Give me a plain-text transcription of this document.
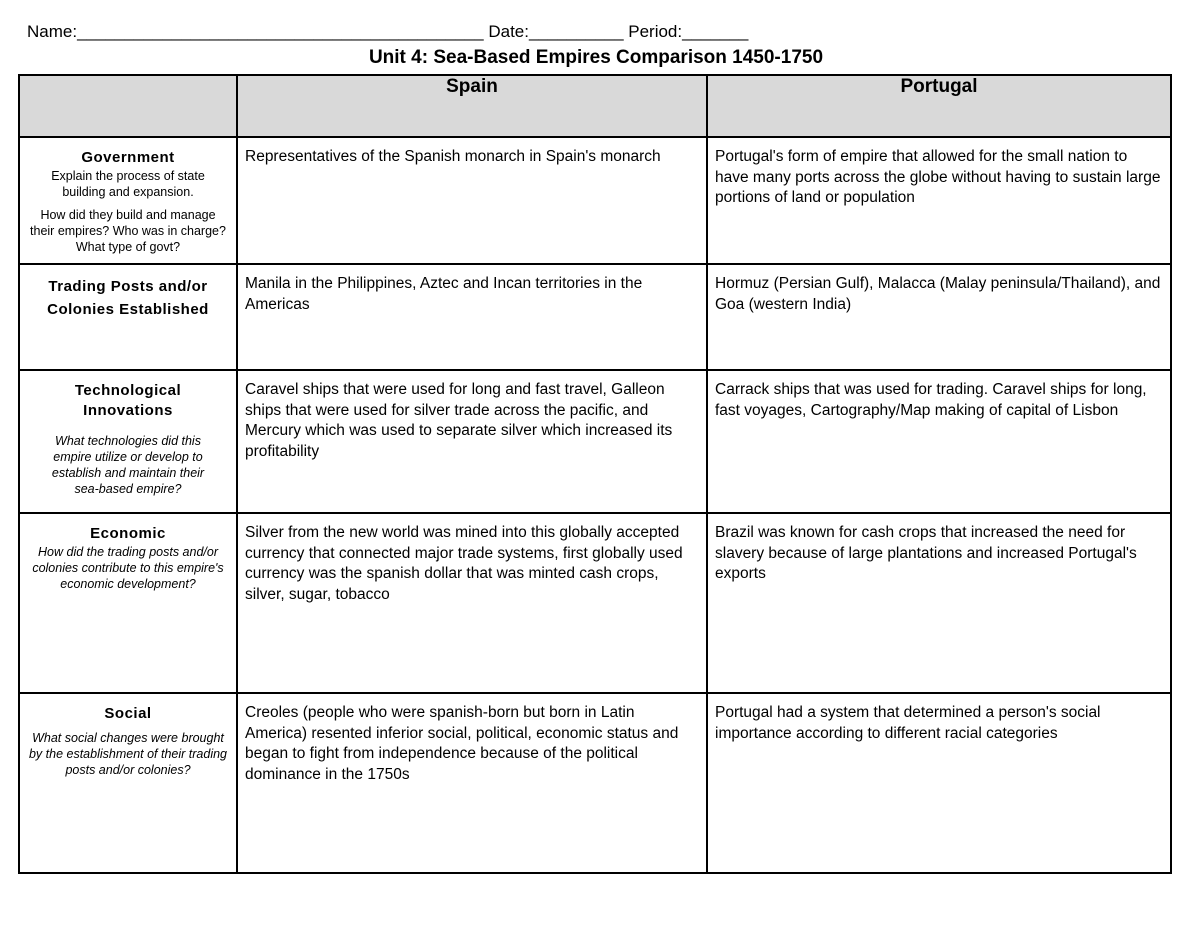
Name:___________________________________________ Date:__________ Period:_______
Unit 4: Sea-Based Empires Comparison 1450-1750
	Spain	Portugal

Government
Explain the process of state building and expansion.
How did they build and manage their empires? Who was in charge? What type of govt?	Representatives of the Spanish monarch in Spain's monarch	Portugal's form of empire that allowed for the small nation to have many ports across the globe without having to sustain large portions of land or population

Trading Posts and/or Colonies Established	Manila in the Philippines, Aztec and Incan territories in the Americas	Hormuz (Persian Gulf), Malacca (Malay peninsula/Thailand), and Goa (western India)

Technological Innovations
What technologies did this empire utilize or develop to establish and maintain their sea-based empire?	Caravel ships that were used for long and fast travel, Galleon ships that were used for silver trade across the pacific, and Mercury which was used to separate silver which increased its profitability	Carrack ships that was used for trading. Caravel ships for long, fast voyages, Cartography/Map making of capital of Lisbon

Economic
How did the trading posts and/or colonies contribute to this empire's economic development?	Silver from the new world was mined into this globally accepted currency that connected major trade systems, first globally used currency was the spanish dollar that was minted cash crops, silver, sugar, tobacco	Brazil was known for cash crops that increased the need for slavery because of large plantations and increased Portugal's exports

Social
What social changes were brought by the establishment of their trading posts and/or colonies?	Creoles (people who were spanish-born but born in Latin America) resented inferior social, political, economic status and began to fight from independence because of the political dominance in the 1750s	Portugal had a system that determined a person's social importance according to different racial categories
